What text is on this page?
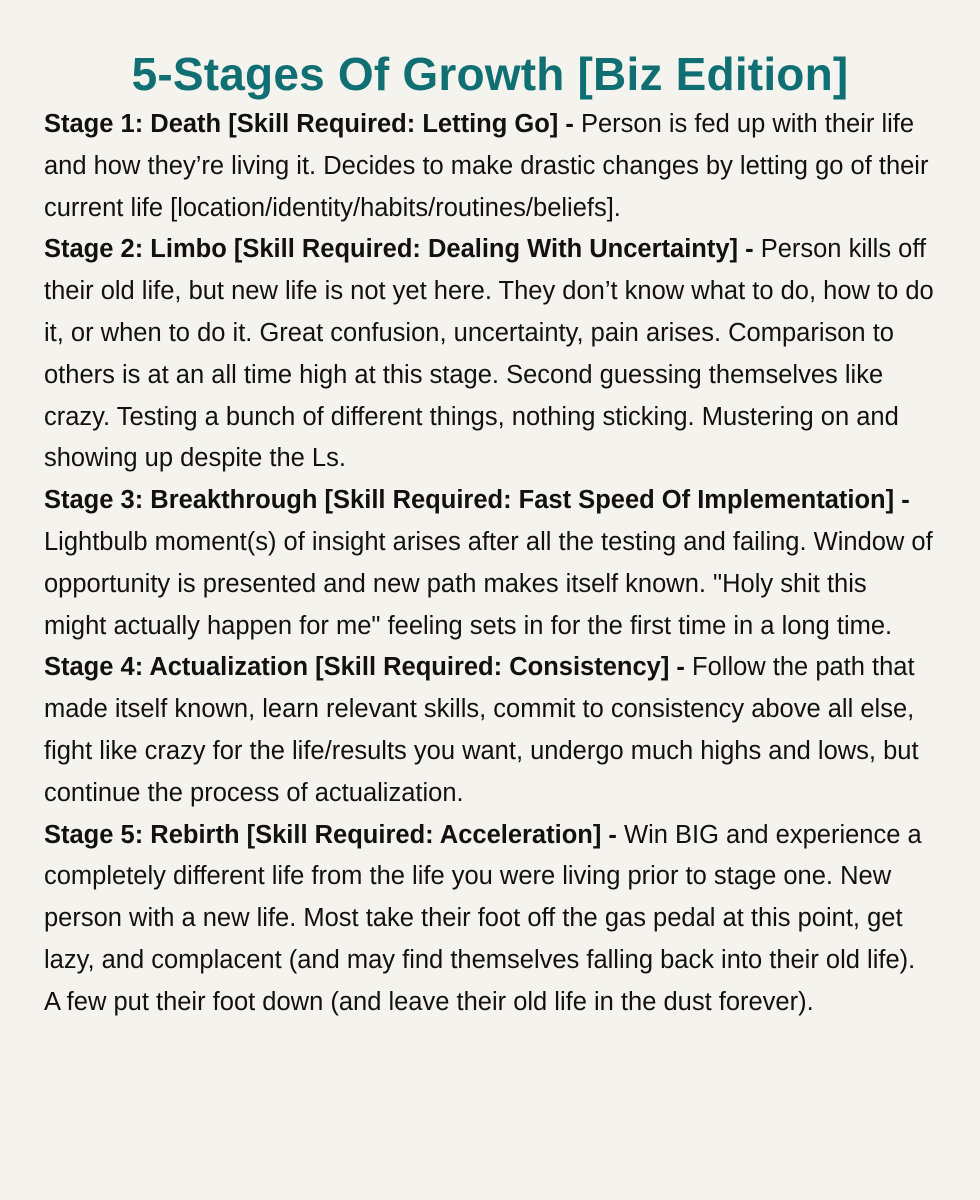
5-Stages Of Growth [Biz Edition]

Stage 1: Death [Skill Required: Letting Go] - Person is fed up with their life and how they’re living it. Decides to make drastic changes by letting go of their current life [location/identity/habits/routines/beliefs].

Stage 2: Limbo [Skill Required: Dealing With Uncertainty] - Person kills off their old life, but new life is not yet here. They don’t know what to do, how to do it, or when to do it. Great confusion, uncertainty, pain arises. Comparison to others is at an all time high at this stage. Second guessing themselves like crazy. Testing a bunch of different things, nothing sticking. Mustering on and showing up despite the Ls.

Stage 3: Breakthrough [Skill Required: Fast Speed Of Implementation] - Lightbulb moment(s) of insight arises after all the testing and failing. Window of opportunity is presented and new path makes itself known. "Holy shit this might actually happen for me" feeling sets in for the first time in a long time.

Stage 4: Actualization [Skill Required: Consistency] - Follow the path that made itself known, learn relevant skills, commit to consistency above all else, fight like crazy for the life/results you want, undergo much highs and lows, but continue the process of actualization.

Stage 5: Rebirth [Skill Required: Acceleration] - Win BIG and experience a completely different life from the life you were living prior to stage one. New person with a new life. Most take their foot off the gas pedal at this point, get lazy, and complacent (and may find themselves falling back into their old life). A few put their foot down (and leave their old life in the dust forever).
